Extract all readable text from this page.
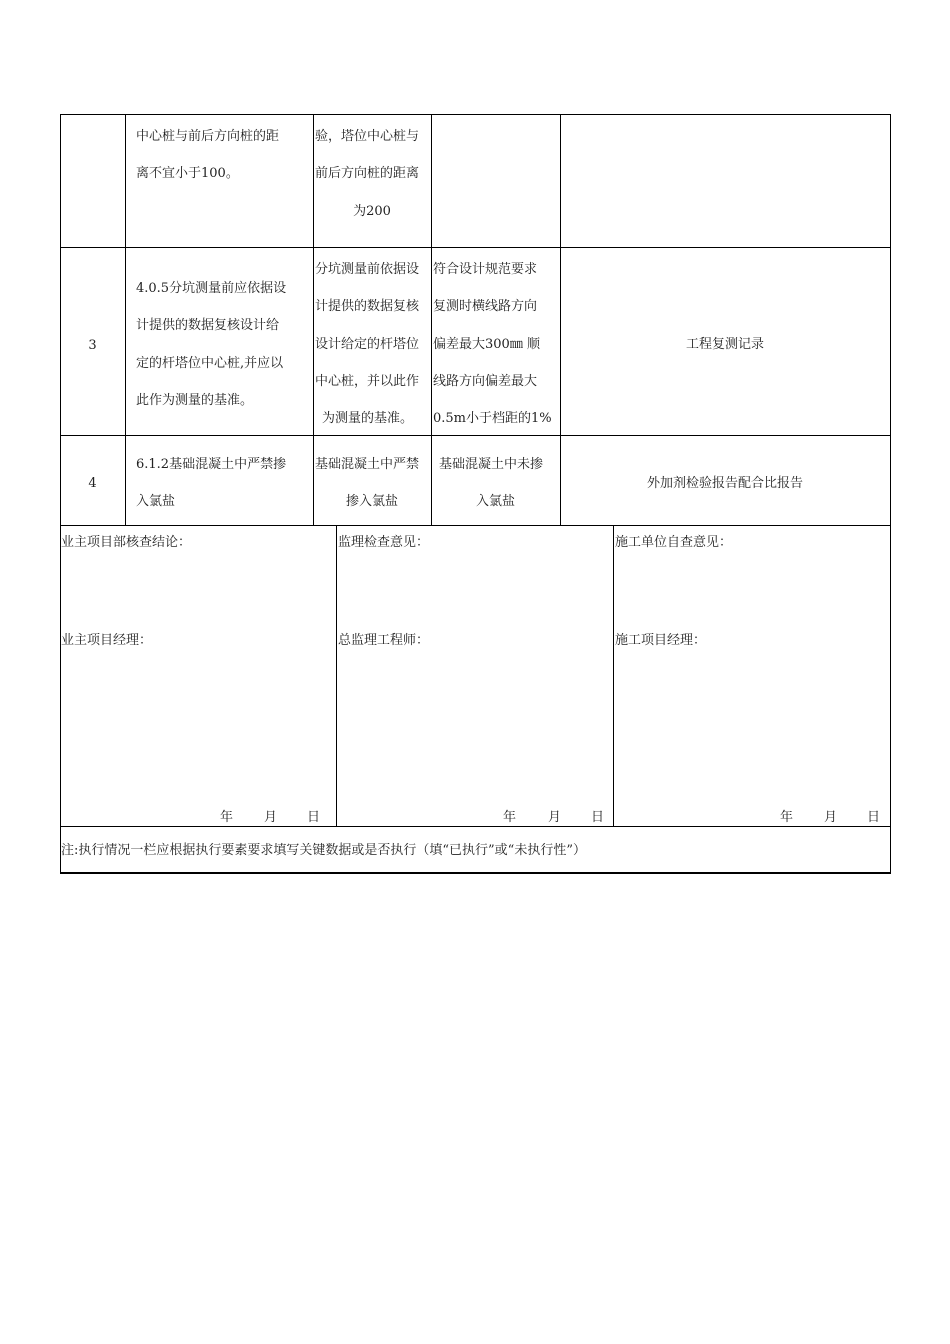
中心桩与前后方向桩的距
离不宜小于100。
验，塔位中心桩与
前后方向桩的距离
为200
3
4.0.5分坑测量前应依据设
计提供的数据复核设计给
定的杆塔位中心桩,并应以
此作为测量的基准。
分坑测量前依据设
计提供的数据复核
设计给定的杆塔位
中心桩，并以此作
为测量的基准。
符合设计规范要求
复测时横线路方向
偏差最大300㎜ 顺
线路方向偏差最大
0.5m小于档距的1%
工程复测记录
4
6.1.2基础混凝土中严禁掺
入氯盐
基础混凝土中严禁
掺入氯盐
基础混凝土中未掺
入氯盐
外加剂检验报告配合比报告
业主项目部核查结论：
业主项目经理：
监理检查意见：
总监理工程师：
施工单位自查意见：
施工项目经理：
年 月 日	年 月 日	年 月 日
注:执行情况一栏应根据执行要素要求填写关键数据或是否执行（填“已执行”或“未执行性”）
